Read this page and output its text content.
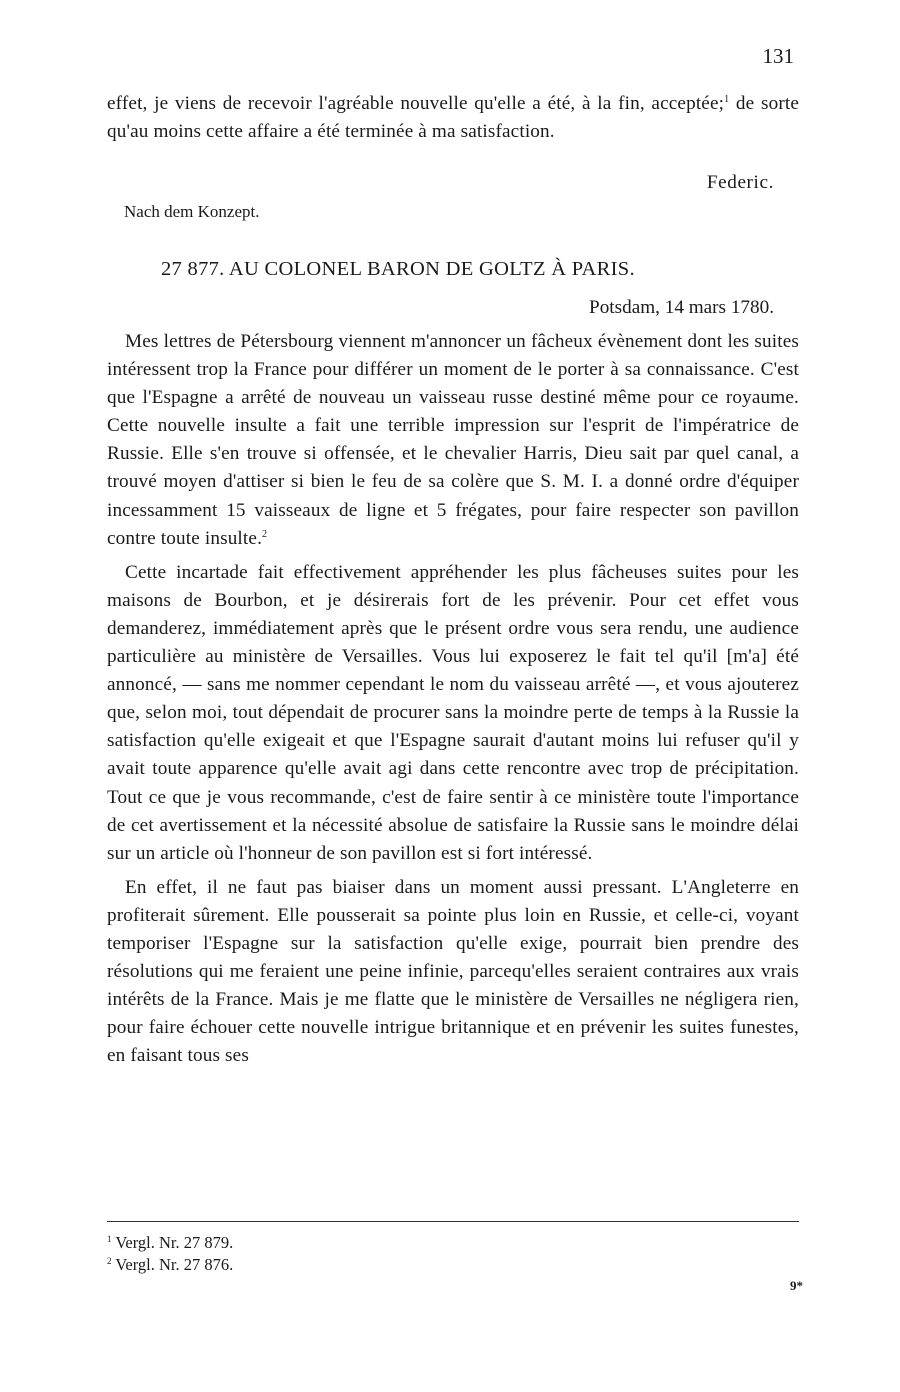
131

effet, je viens de recevoir l'agréable nouvelle qu'elle a été, à la fin, acceptée;$^1$ de sorte qu'au moins cette affaire a été terminée à ma satisfaction.

Federic.
Nach dem Konzept.
27 877. AU COLONEL BARON DE GOLTZ À PARIS.
Potsdam, 14 mars 1780.

Mes lettres de Pétersbourg viennent m'annoncer un fâcheux évènement dont les suites intéressent trop la France pour différer un moment de le porter à sa connaissance. C'est que l'Espagne a arrêté de nouveau un vaisseau russe destiné même pour ce royaume. Cette nouvelle insulte a fait une terrible impression sur l'esprit de l'impératrice de Russie. Elle s'en trouve si offensée, et le chevalier Harris, Dieu sait par quel canal, a trouvé moyen d'attiser si bien le feu de sa colère que S. M. I. a donné ordre d'équiper incessamment 15 vaisseaux de ligne et 5 frégates, pour faire respecter son pavillon contre toute insulte.$^2$

Cette incartade fait effectivement appréhender les plus fâcheuses suites pour les maisons de Bourbon, et je désirerais fort de les prévenir. Pour cet effet vous demanderez, immédiatement après que le présent ordre vous sera rendu, une audience particulière au ministère de Versailles. Vous lui exposerez le fait tel qu'il [m'a] été annoncé, — sans me nommer cependant le nom du vaisseau arrêté —, et vous ajouterez que, selon moi, tout dépendait de procurer sans la moindre perte de temps à la Russie la satisfaction qu'elle exigeait et que l'Espagne saurait d'autant moins lui refuser qu'il y avait toute apparence qu'elle avait agi dans cette rencontre avec trop de précipitation. Tout ce que je vous recommande, c'est de faire sentir à ce ministère toute l'importance de cet avertissement et la nécessité absolue de satisfaire la Russie sans le moindre délai sur un article où l'honneur de son pavillon est si fort intéressé.

En effet, il ne faut pas biaiser dans un moment aussi pressant. L'Angleterre en profiterait sûrement. Elle pousserait sa pointe plus loin en Russie, et celle-ci, voyant temporiser l'Espagne sur la satisfaction qu'elle exige, pourrait bien prendre des résolutions qui me feraient une peine infinie, parcequ'elles seraient contraires aux vrais intérêts de la France. Mais je me flatte que le ministère de Versailles ne négligera rien, pour faire échouer cette nouvelle intrigue britannique et en prévenir les suites funestes, en faisant tous ses

$^1$ Vergl. Nr. 27 879.
$^2$ Vergl. Nr. 27 876.
9*
